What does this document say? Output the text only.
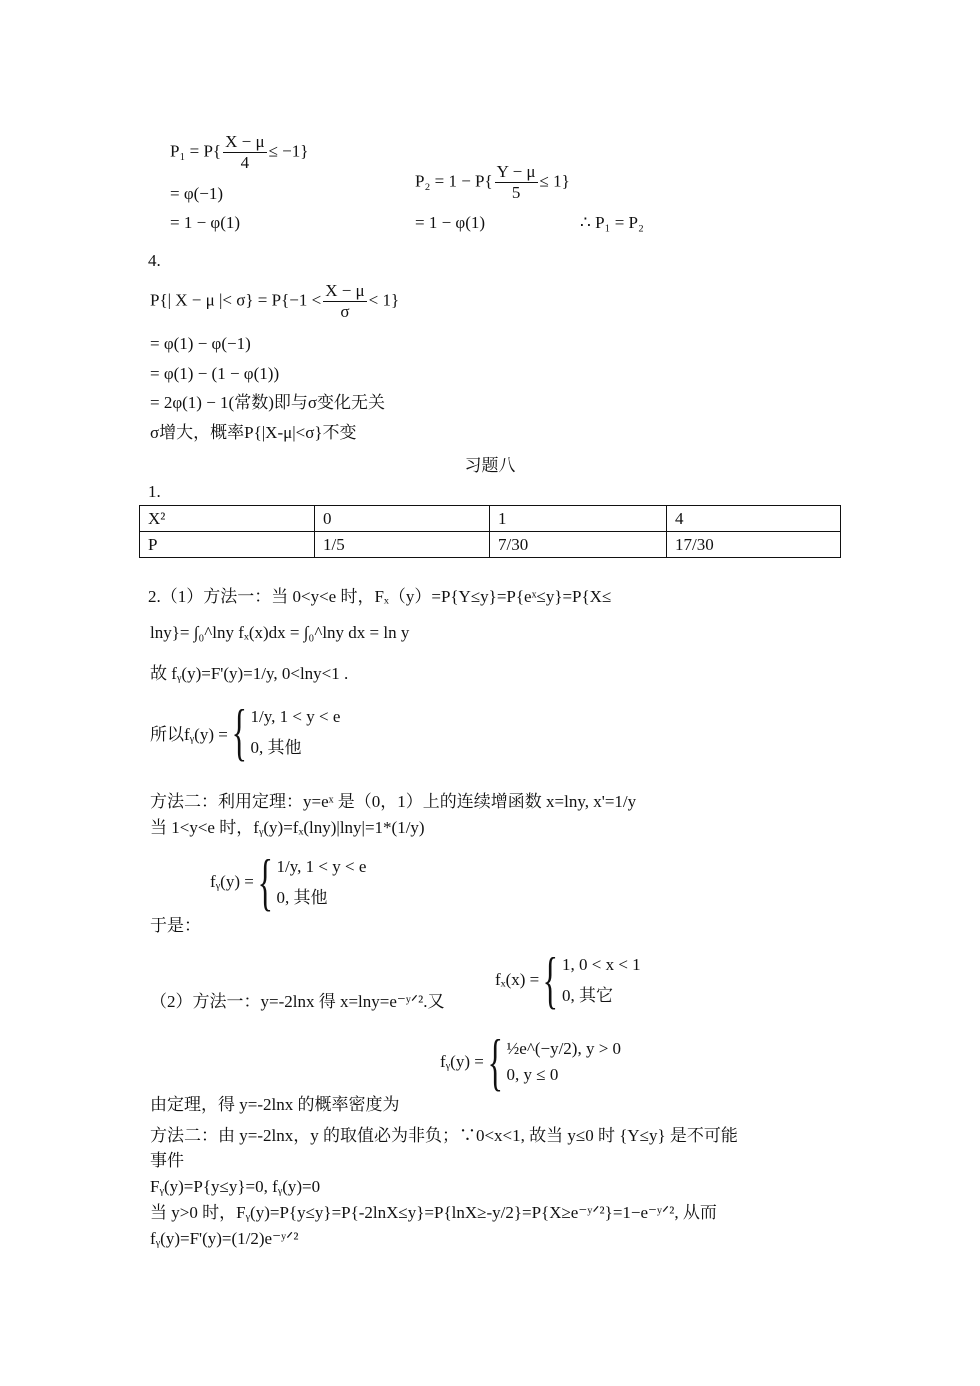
$P_1 = P\{ \frac{X - \mu}{4} \le -1\}$
= φ(−1)
= 1 − φ(1)
$P_2 = 1 - P\{ \frac{Y - \mu}{5} \le 1\}$
= 1 − φ(1)	∴ P₁ = P₂
4.
P{| X − μ |< $\sigma\} = P\{-1 < \frac{X - \mu}{\sigma} < 1\}$
= φ(1) − φ(−1)
= φ(1) − (1 − φ(1))
= 2φ(1) − 1(常数)即与σ变化无关
σ增大，概率P{|X-μ|<σ}不变
习题八
1.
X²	0	1	4
P	1/5	7/30	17/30
2.（1）方法一：当 0<y<e 时，Fₓ（y）=P{Y≤y}=P{eˣ≤y}=P{X≤
lny}= ∫₀^lny fₓ(x)dx = ∫₀^lny dx = ln y
故 fᵧ(y)=F'(y)=1/y, 0<lny<1 .
所以fᵧ(y) = { 1/y, 1 < y < e
0, 其他
方法二：利用定理：y=eˣ 是（0，1）上的连续增函数 x=lny, x'=1/y
当 1<y<e 时，fᵧ(y)=fₓ(lny)|lny|=1*(1/y)
fᵧ(y) = { 1/y, 1 < y < e
0, 其他
于是：
fₓ(x) = { 1, 0 < x < 1
0, 其它
（2）方法一：y=-2lnx 得 x=lny=e⁻ʸᐟ².又
fᵧ(y) = { ½e^(−y/2), y > 0
0, y ≤ 0
由定理，得 y=-2lnx 的概率密度为
方法二：由 y=-2lnx，y 的取值必为非负；∵0<x<1, 故当 y≤0 时 {Y≤y} 是不可能
事件
Fᵧ(y)=P{y≤y}=0, fᵧ(y)=0
当 y>0 时，Fᵧ(y)=P{y≤y}=P{-2lnX≤y}=P{lnX≥-y/2}=P{X≥e⁻ʸᐟ²}=1−e⁻ʸᐟ², 从而
fᵧ(y)=F'(y)=(1/2)e⁻ʸᐟ²
